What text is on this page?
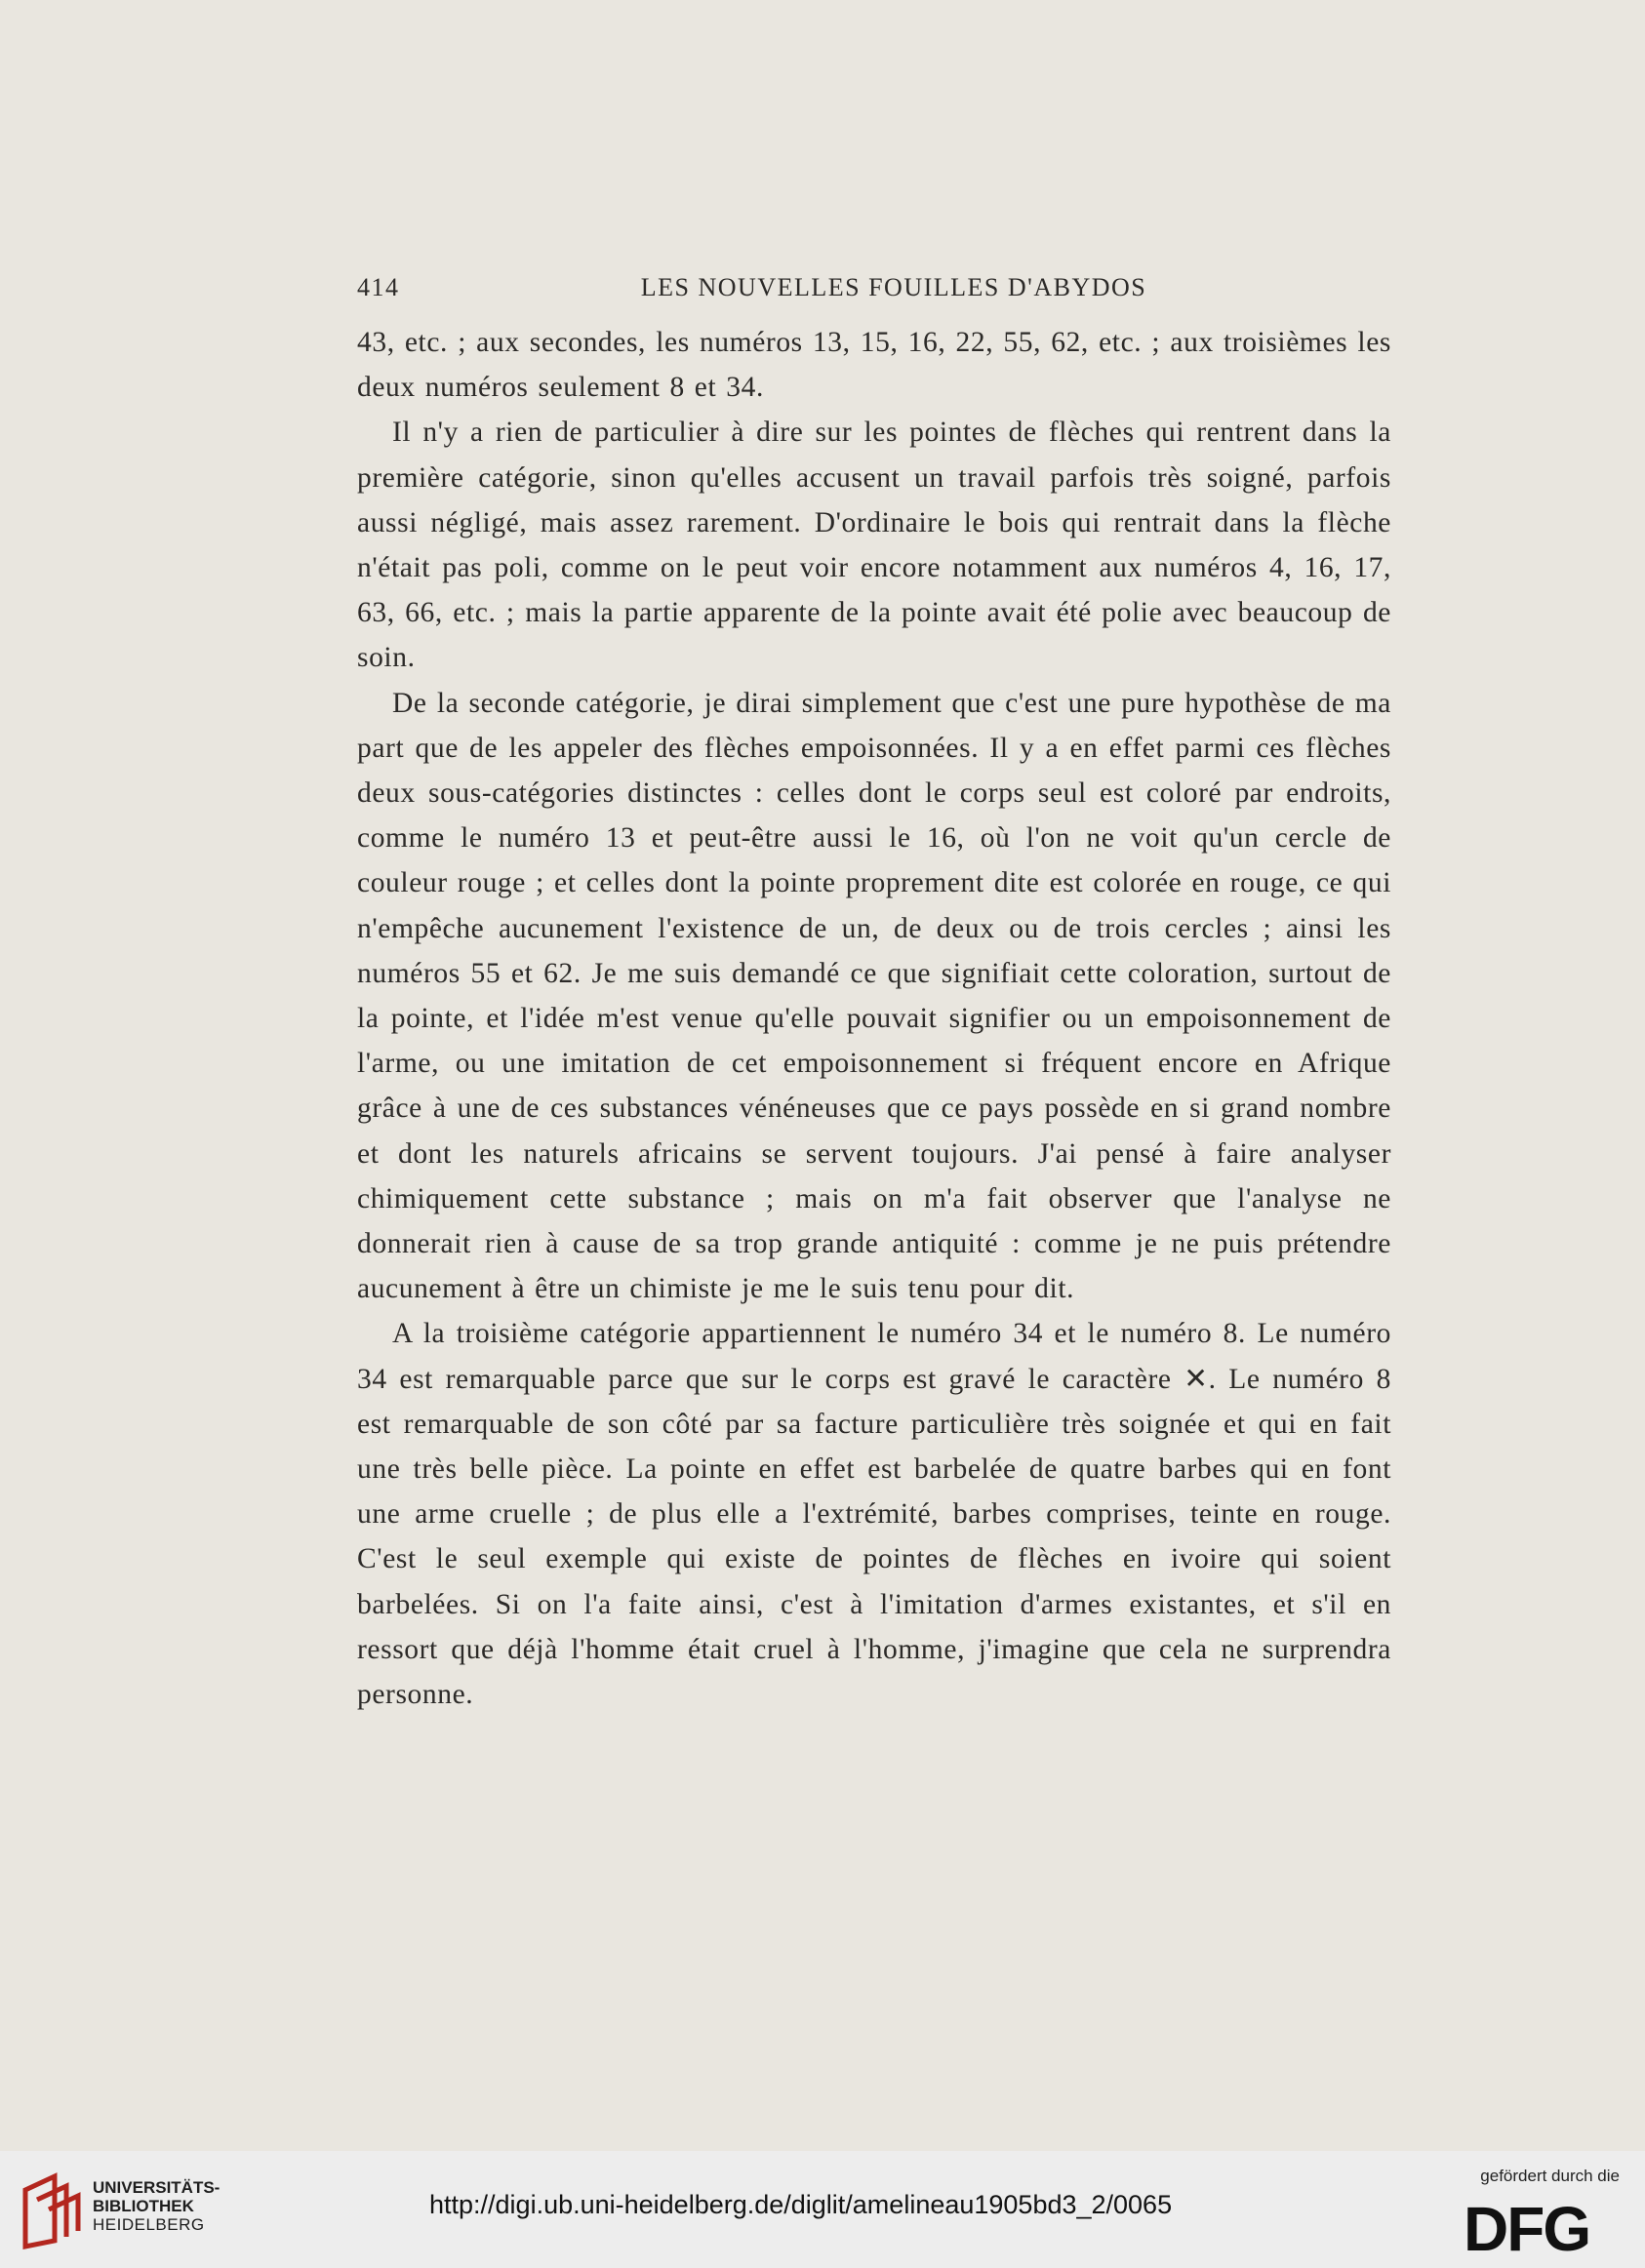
414	LES NOUVELLES FOUILLES D'ABYDOS

43, etc. ; aux secondes, les numéros 13, 15, 16, 22, 55, 62, etc. ; aux troisièmes les deux numéros seulement 8 et 34.

Il n'y a rien de particulier à dire sur les pointes de flèches qui rentrent dans la première catégorie, sinon qu'elles accusent un travail parfois très soigné, parfois aussi négligé, mais assez rarement. D'ordinaire le bois qui rentrait dans la flèche n'était pas poli, comme on le peut voir encore notamment aux numéros 4, 16, 17, 63, 66, etc. ; mais la partie apparente de la pointe avait été polie avec beaucoup de soin.

De la seconde catégorie, je dirai simplement que c'est une pure hypothèse de ma part que de les appeler des flèches empoisonnées. Il y a en effet parmi ces flèches deux sous-catégories distinctes : celles dont le corps seul est coloré par endroits, comme le numéro 13 et peut-être aussi le 16, où l'on ne voit qu'un cercle de couleur rouge ; et celles dont la pointe proprement dite est colorée en rouge, ce qui n'empêche aucunement l'existence de un, de deux ou de trois cercles ; ainsi les numéros 55 et 62. Je me suis demandé ce que signifiait cette coloration, surtout de la pointe, et l'idée m'est venue qu'elle pouvait signifier ou un empoisonnement de l'arme, ou une imitation de cet empoisonnement si fréquent encore en Afrique grâce à une de ces substances vénéneuses que ce pays possède en si grand nombre et dont les naturels africains se servent toujours. J'ai pensé à faire analyser chimiquement cette substance ; mais on m'a fait observer que l'analyse ne donnerait rien à cause de sa trop grande antiquité : comme je ne puis prétendre aucunement à être un chimiste je me le suis tenu pour dit.

A la troisième catégorie appartiennent le numéro 34 et le numéro 8. Le numéro 34 est remarquable parce que sur le corps est gravé le caractère ✕. Le numéro 8 est remarquable de son côté par sa facture particulière très soignée et qui en fait une très belle pièce. La pointe en effet est barbelée de quatre barbes qui en font une arme cruelle ; de plus elle a l'extrémité, barbes comprises, teinte en rouge. C'est le seul exemple qui existe de pointes de flèches en ivoire qui soient barbelées. Si on l'a faite ainsi, c'est à l'imitation d'armes existantes, et s'il en ressort que déjà l'homme était cruel à l'homme, j'imagine que cela ne surprendra personne.

UNIVERSITÄTS-
BIBLIOTHEK
HEIDELBERG
http://digi.ub.uni-heidelberg.de/diglit/amelineau1905bd3_2/0065
gefördert durch die
DFG
